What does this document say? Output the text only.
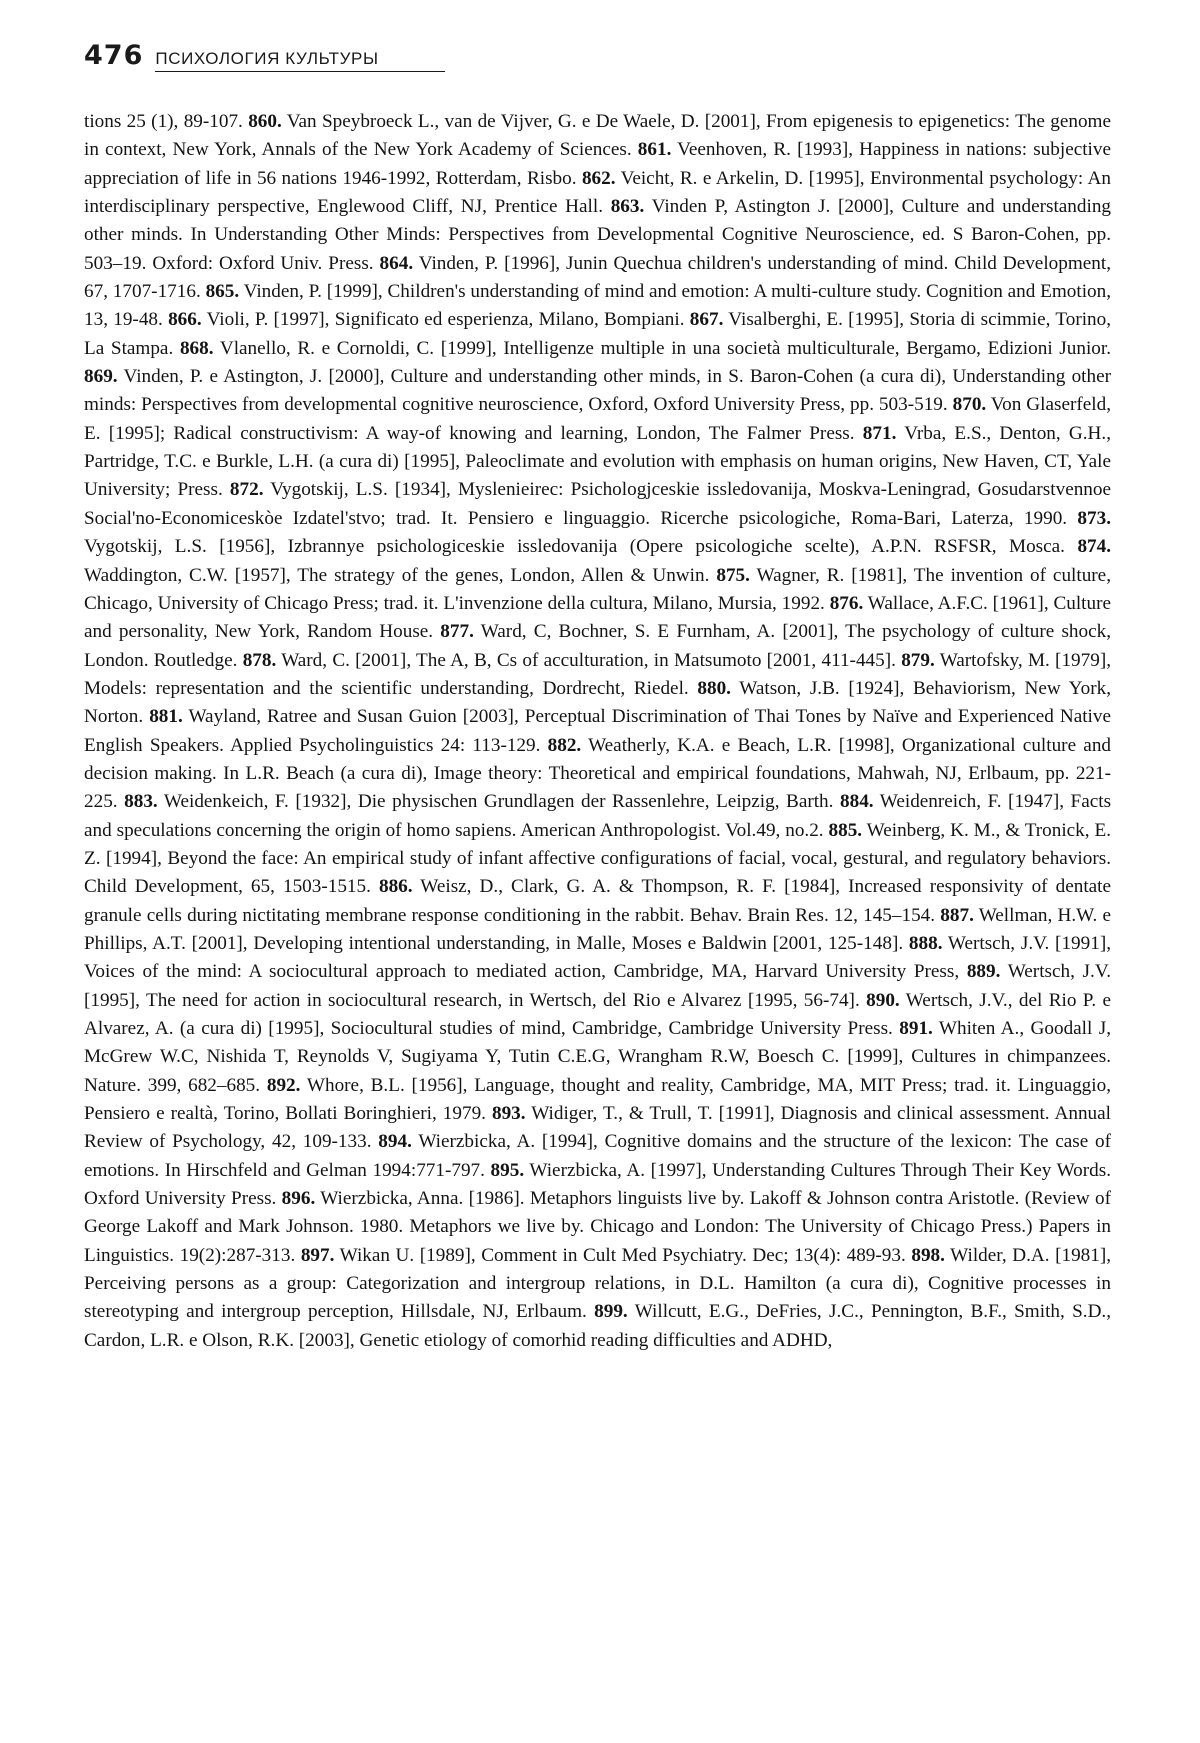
476 ПСИХОЛОГИЯ КУЛЬТУРЫ
tions 25 (1), 89-107. 860. Van Speybroeck L., van de Vijver, G. e De Waele, D. [2001], From epigenesis to epigenetics: The genome in context, New York, Annals of the New York Academy of Sciences. 861. Veenhoven, R. [1993], Happiness in nations: subjective appreciation of life in 56 nations 1946-1992, Rotterdam, Risbo. 862. Veicht, R. e Arkelin, D. [1995], Environmental psychology: An interdisciplinary perspective, Englewood Cliff, NJ, Prentice Hall. 863. Vinden P, Astington J. [2000], Culture and understanding other minds. In Understanding Other Minds: Perspectives from Developmental Cognitive Neuroscience, ed. S Baron-Cohen, pp. 503–19. Oxford: Oxford Univ. Press. 864. Vinden, P. [1996], Junin Quechua children's understanding of mind. Child Development, 67, 1707-1716. 865. Vinden, P. [1999], Children's understanding of mind and emotion: A multi-culture study. Cognition and Emotion, 13, 19-48. 866. Violi, P. [1997], Significato ed esperienza, Milano, Bompiani. 867. Visalberghi, E. [1995], Storia di scimmie, Torino, La Stampa. 868. Vlanello, R. e Cornoldi, C. [1999], Intelligenze multiple in una società multiculturale, Bergamo, Edizioni Junior. 869. Vinden, P. e Astington, J. [2000], Culture and understanding other minds, in S. Baron-Cohen (a cura di), Understanding other minds: Perspectives from developmental cognitive neuroscience, Oxford, Oxford University Press, pp. 503-519. 870. Von Glaserfeld, E. [1995]; Radical constructivism: A way-of knowing and learning, London, The Falmer Press. 871. Vrba, E.S., Denton, G.H., Partridge, T.C. e Burkle, L.H. (a cura di) [1995], Paleoclimate and evolution with emphasis on human origins, New Haven, CT, Yale University; Press. 872. Vygotskij, L.S. [1934], Myslenieirec: Psichologjceskie issledovanija, Moskva-Leningrad, Gosudarstvennoe Social'no-Economiceskòe Izdatel'stvo; trad. It. Pensiero e linguaggio. Ricerche psicologiche, Roma-Bari, Laterza, 1990. 873. Vygotskij, L.S. [1956], Izbrannye psichologiceskie issledovanija (Opere psicologiche scelte), A.P.N. RSFSR, Mosca. 874. Waddington, C.W. [1957], The strategy of the genes, London, Allen & Unwin. 875. Wagner, R. [1981], The invention of culture, Chicago, University of Chicago Press; trad. it. L'invenzione della cultura, Milano, Mursia, 1992. 876. Wallace, A.F.C. [1961], Culture and personality, New York, Random House. 877. Ward, C, Bochner, S. E Furnham, A. [2001], The psychology of culture shock, London. Routledge. 878. Ward, C. [2001], The A, B, Cs of acculturation, in Matsumoto [2001, 411-445]. 879. Wartofsky, M. [1979], Models: representation and the scientific understanding, Dordrecht, Riedel. 880. Watson, J.B. [1924], Behaviorism, New York, Norton. 881. Wayland, Ratree and Susan Guion [2003], Perceptual Discrimination of Thai Tones by Naïve and Experienced Native English Speakers. Applied Psycholinguistics 24: 113-129. 882. Weatherly, K.A. e Beach, L.R. [1998], Organizational culture and decision making. In L.R. Beach (a cura di), Image theory: Theoretical and empirical foundations, Mahwah, NJ, Erlbaum, pp. 221-225. 883. Weidenkeich, F. [1932], Die physischen Grundlagen der Rassenlehre, Leipzig, Barth. 884. Weidenreich, F. [1947], Facts and speculations concerning the origin of homo sapiens. American Anthropologist. Vol.49, no.2. 885. Weinberg, K. M., & Tronick, E. Z. [1994], Beyond the face: An empirical study of infant affective configurations of facial, vocal, gestural, and regulatory behaviors. Child Development, 65, 1503-1515. 886. Weisz, D., Clark, G. A. & Thompson, R. F. [1984], Increased responsivity of dentate granule cells during nictitating membrane response conditioning in the rabbit. Behav. Brain Res. 12, 145–154. 887. Wellman, H.W. e Phillips, A.T. [2001], Developing intentional understanding, in Malle, Moses e Baldwin [2001, 125-148]. 888. Wertsch, J.V. [1991], Voices of the mind: A sociocultural approach to mediated action, Cambridge, MA, Harvard University Press, 889. Wertsch, J.V. [1995], The need for action in sociocultural research, in Wertsch, del Rio e Alvarez [1995, 56-74]. 890. Wertsch, J.V., del Rio P. e Alvarez, A. (a cura di) [1995], Sociocultural studies of mind, Cambridge, Cambridge University Press. 891. Whiten A., Goodall J, McGrew W.C, Nishida T, Reynolds V, Sugiyama Y, Tutin C.E.G, Wrangham R.W, Boesch C. [1999], Cultures in chimpanzees. Nature. 399, 682–685. 892. Whore, B.L. [1956], Language, thought and reality, Cambridge, MA, MIT Press; trad. it. Linguaggio, Pensiero e realtà, Torino, Bollati Boringhieri, 1979. 893. Widiger, T., & Trull, T. [1991], Diagnosis and clinical assessment. Annual Review of Psychology, 42, 109-133. 894. Wierzbicka, A. [1994], Cognitive domains and the structure of the lexicon: The case of emotions. In Hirschfeld and Gelman 1994:771-797. 895. Wierzbicka, A. [1997], Understanding Cultures Through Their Key Words. Oxford University Press. 896. Wierzbicka, Anna. [1986]. Metaphors linguists live by. Lakoff & Johnson contra Aristotle. (Review of George Lakoff and Mark Johnson. 1980. Metaphors we live by. Chicago and London: The University of Chicago Press.) Papers in Linguistics. 19(2):287-313. 897. Wikan U. [1989], Comment in Cult Med Psychiatry. Dec; 13(4): 489-93. 898. Wilder, D.A. [1981], Perceiving persons as a group: Categorization and intergroup relations, in D.L. Hamilton (a cura di), Cognitive processes in stereotyping and intergroup perception, Hillsdale, NJ, Erlbaum. 899. Willcutt, E.G., DeFries, J.C., Pennington, B.F., Smith, S.D., Cardon, L.R. e Olson, R.K. [2003], Genetic etiology of comorhid reading difficulties and ADHD,
